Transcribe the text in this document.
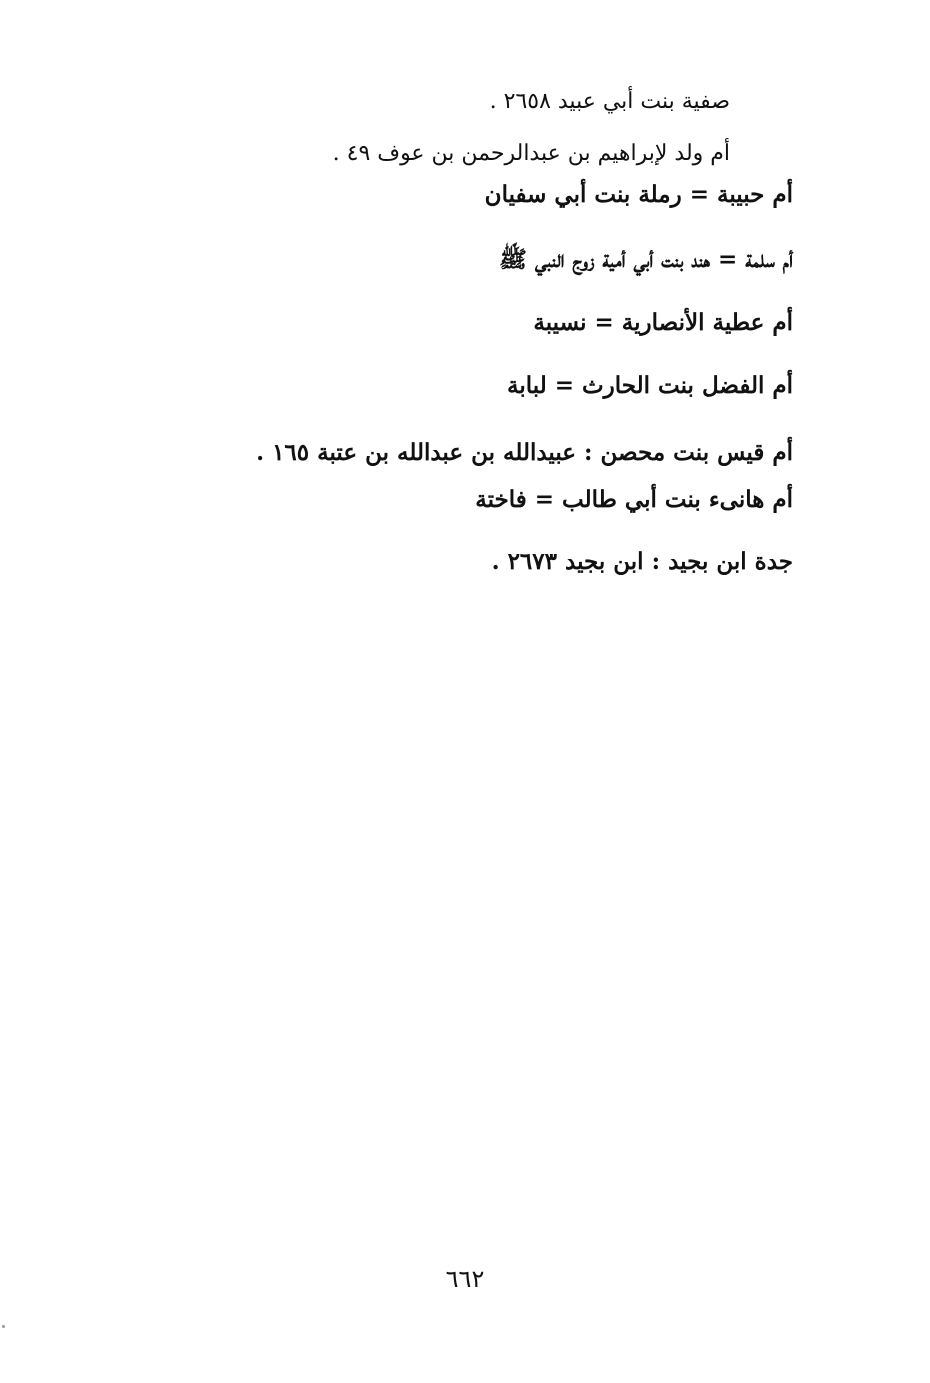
صفية بنت أبي عبيد ٢٦٥٨ .
أم ولد لإبراهيم بن عبدالرحمن بن عوف ٤٩ .
أم حبيبة = رملة بنت أبي سفيان
أم سلمة = هند بنت أبي أمية زوج النبي ﷺ
أم عطية الأنصارية = نسيبة
أم الفضل بنت الحارث = لبابة
أم قيس بنت محصن : عبيدالله بن عبدالله بن عتبة ١٦٥ .
أم هانىء بنت أبي طالب = فاختة
جدة ابن بجيد : ابن بجيد ٢٦٧٣ .
٦٦٢
